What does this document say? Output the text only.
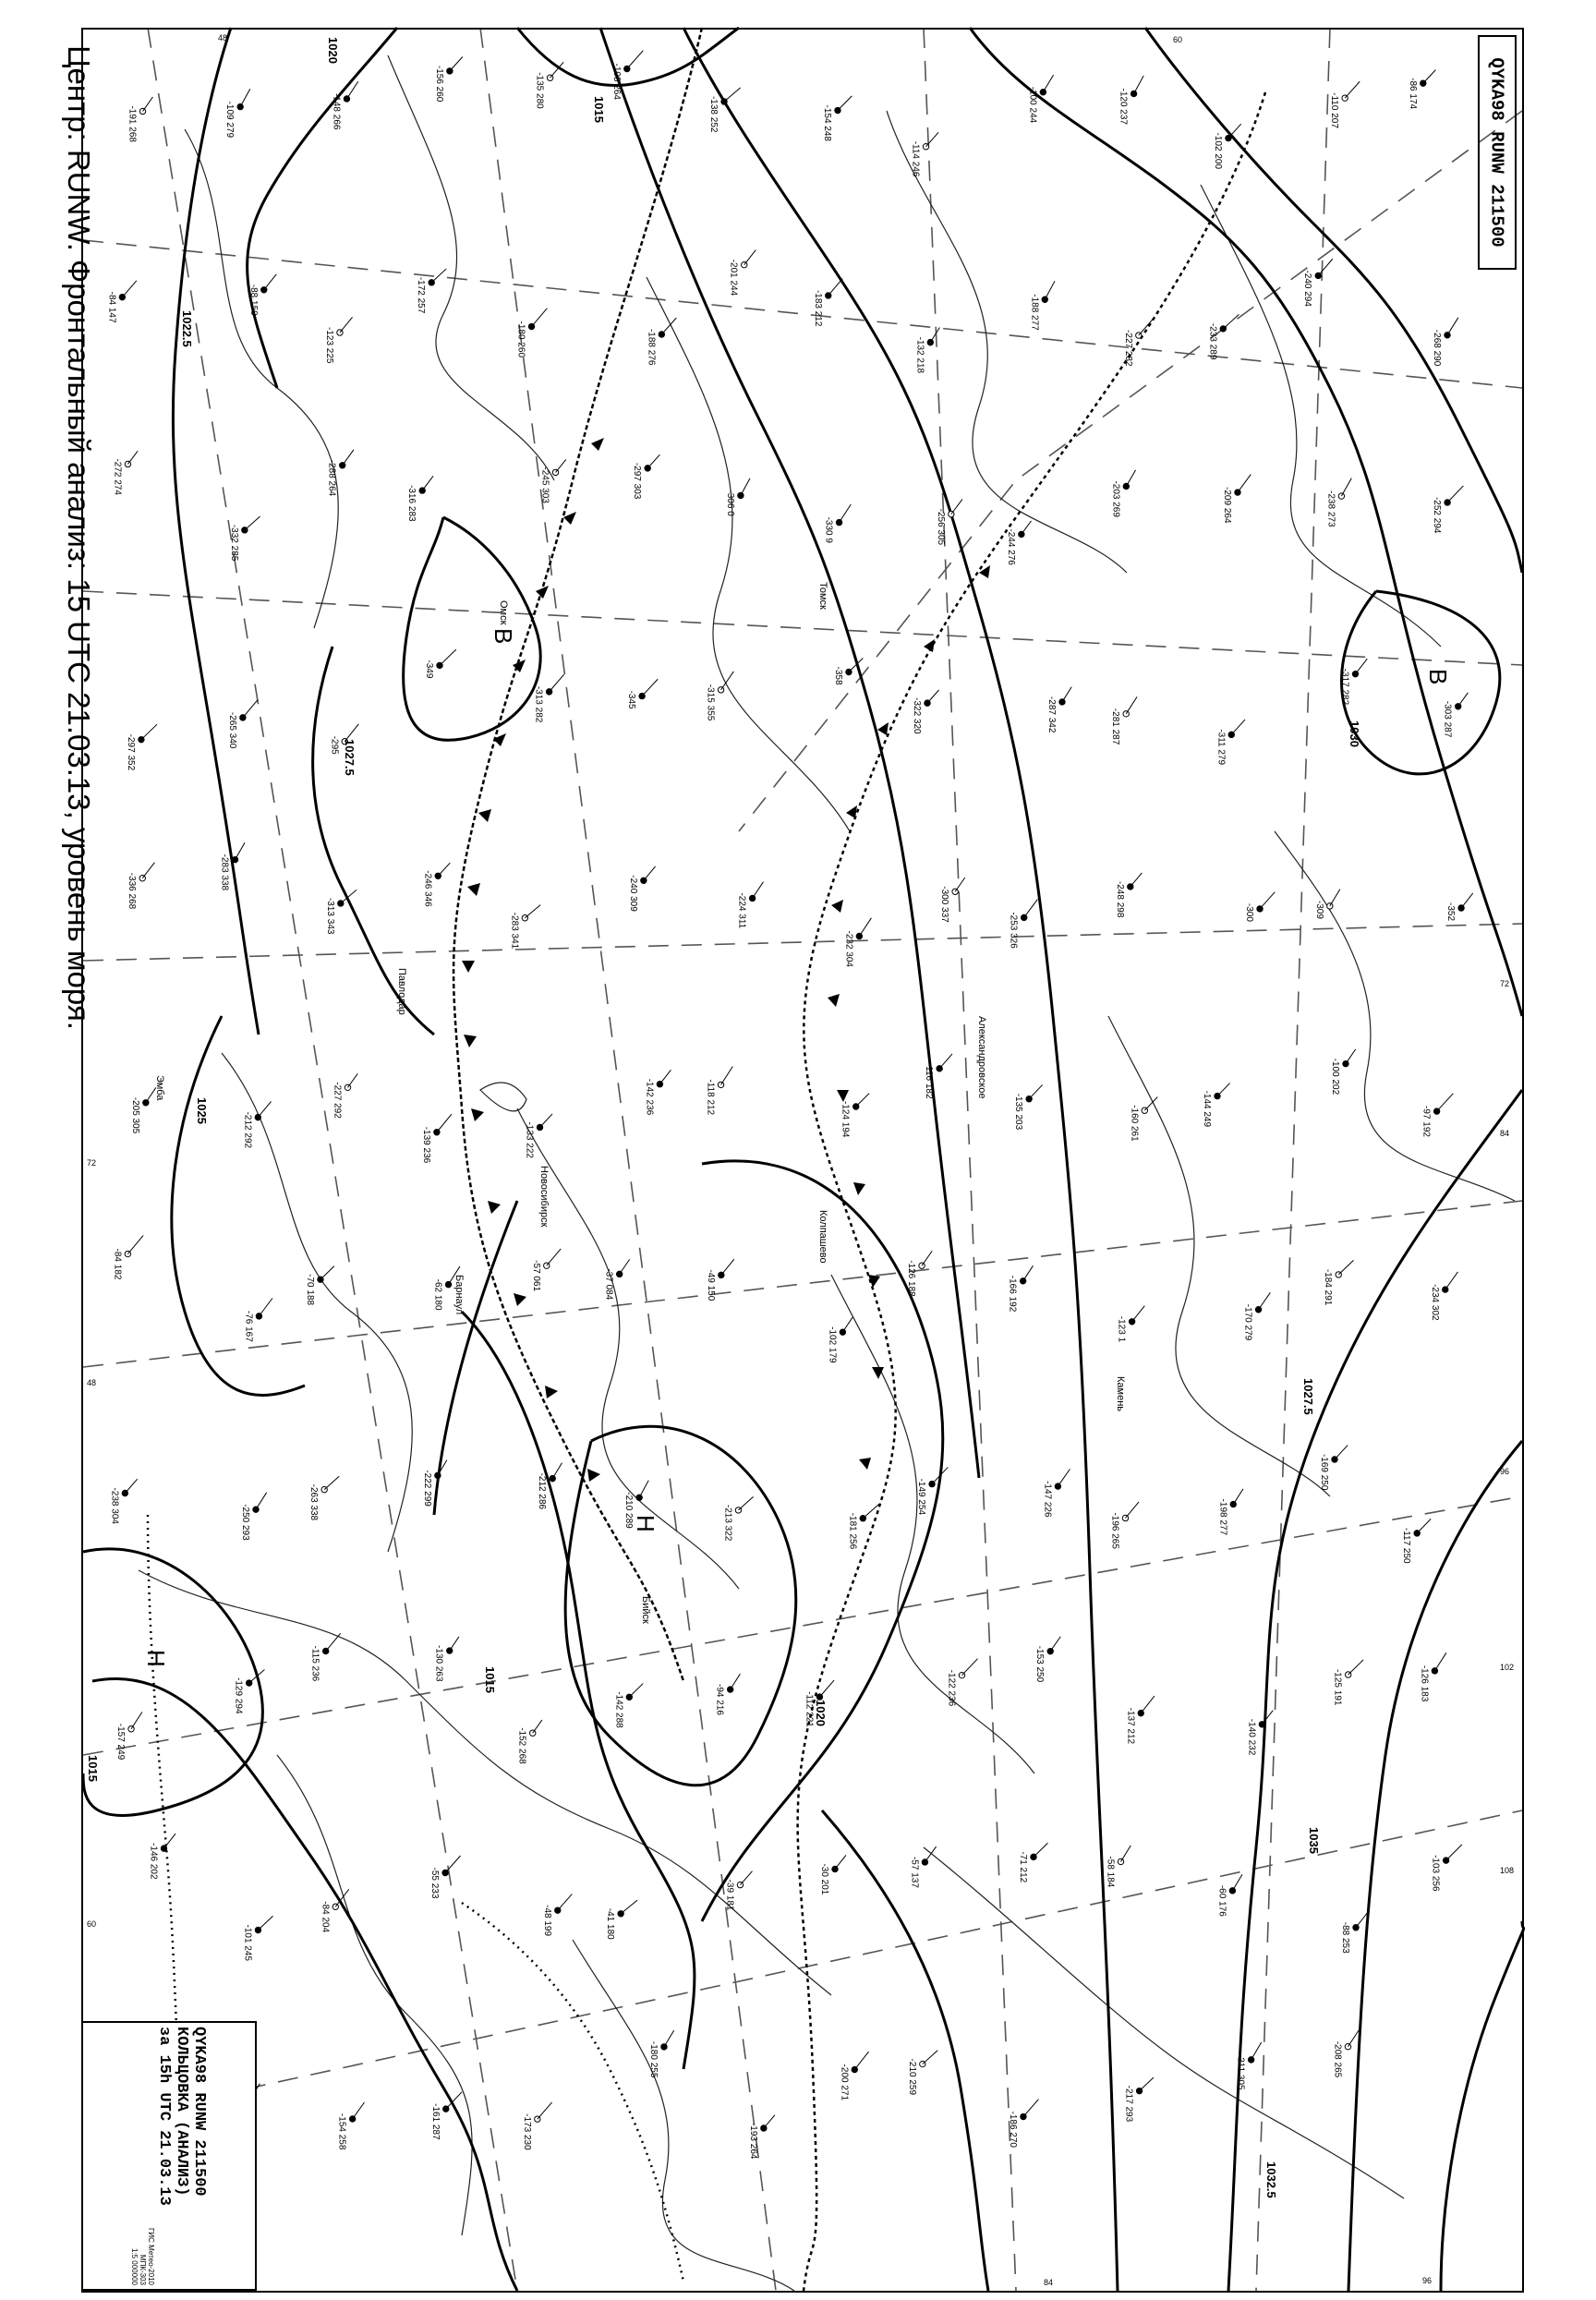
-191 268	-109 279	-148 266
-156 260	-135 280	-108 264
-138 252	-154 248
-114 246
-100 244	-120 237
-102 200
-110 207	-86 174
-84 147	-88 159
-123 225
-172 257
-180 260	-188 276
-201 244
-183 212
-132 218
-188 277
-227 282	-233 289
-240 294
-268 290
-272 274
-332 285
-288 264
-316 283	-245 303	-297 303
-306 0
-330 9	-256 305
-244 276
-203 269	-209 264	-238 273	-252 294
-297 352
-265 340	-295
-349
-313 282	-345	-315 355
-358
-322 320	-287 342	-281 287
-311 279
-317 282
-303 287
-336 268
-283 338
-313 343
-246 346
-283 341
-240 309	-224 311
-232 304
-300 337
-253 326
-248 298	-300	-309	-352
-205 305	-212 292
-227 292
-139 236	-133 222
-142 236	-118 212
-124 194
-116 182
-135 203	-160 261	-144 249
-100 202
-97 192
-84 182
-76 167
-70 188	-62 180
-57 061	-37 084	-49 150
-102 179
-126 188	-166 192
-123 1	-170 279
-184 291	-234 302
-238 304	-250 293
-263 338	-222 299	-212 286
-210 289	-213 322	-181 256
-149 254	-147 226
-196 265	-198 277
-169 250
-117 250
-157 249
-129 294
-115 236	-130 263
-152 268
-142 288	-94 216	-112 221
-122 236
-153 250
-137 212	-140 232
-125 191	-126 183
-146 202
-101 245
-84 204
-55 233
-48 199	-41 180
-39 181
-30 201	-57 137	-71 212	-58 184
-60 176
-88 253
-103 256
-154 258	-161 287	-173 230
-180 255
-193 264
-200 271	-210 259
-186 270
-217 293
-211 305	-208 265
B
B
H
H
1020
1022.5
1027.5
1025
1015
1015
1020
1027.5
1030
1035
1032.5
1015
Новосибирск
Барнаул
Александровское
Камень
Бийск
Павлодар
Омск
Томск
Колпашево
Эмба
48	60
72
84
96
108
96
84
72
60
48
102
Центр: RUNW. Фронтальный анализ: 15 UTC 21.03.13, уровень моря.	QYKA98 RUNW 211500
QYKA98 RUNW 211500
КОЛЬЦОВКА (АНАЛИЗ)
за 15h UTC 21.03.13
ГИС Метео-2010
МПК-303
1:5 000000
